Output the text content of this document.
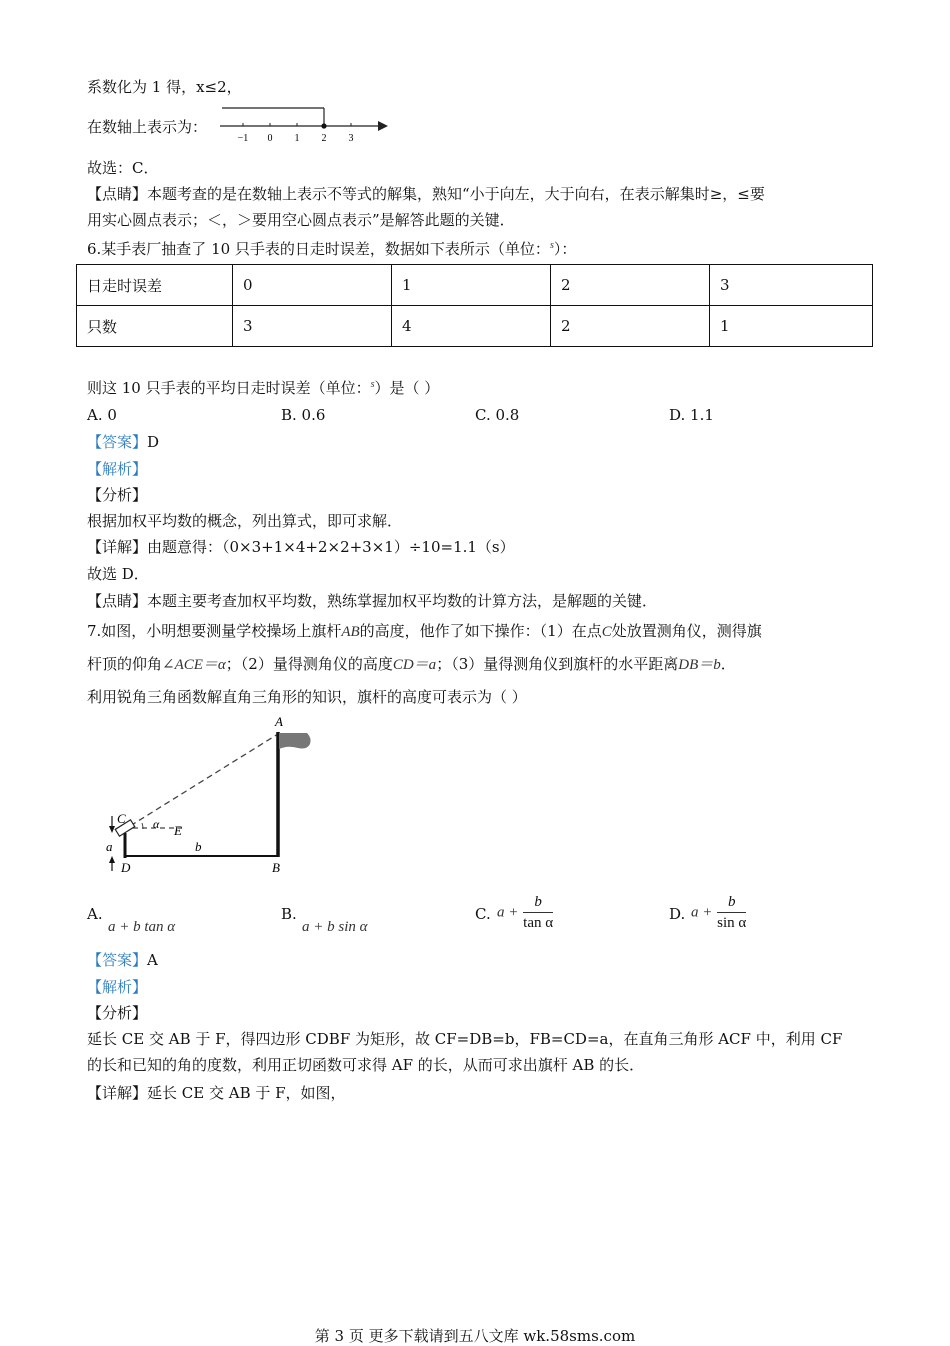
系数化为 1 得，x≤2，
在数轴上表示为：
−1 0 1 2 3
故选：C．
【点睛】本题考查的是在数轴上表示不等式的解集，熟知“小于向左，大于向右，在表示解集时≥，≤要
用实心圆点表示；＜，＞要用空心圆点表示”是解答此题的关键．
6.某手表厂抽查了 10 只手表的日走时误差，数据如下表所示（单位：$^s$）：
日走时误差	0	1	2	3
只数	3	4	2	1
则这 10 只手表的平均日走时误差（单位：$^s$）是（ ）
A. 0	B. 0.6	C. 0.8	D. 1.1
【答案】D
【解析】
【分析】
根据加权平均数的概念，列出算式，即可求解．
【详解】由题意得：（0×3+1×4+2×2+3×1）÷10=1.1（s）
故选 D．
【点睛】本题主要考查加权平均数，熟练掌握加权平均数的计算方法，是解题的关键．
7.如图，小明想要测量学校操场上旗杆AB的高度，他作了如下操作：（1）在点C处放置测角仪，测得旗
杆顶的仰角∠ACE＝α；（2）量得测角仪的高度CD＝a；（3）量得测角仪到旗杆的水平距离DB＝b．
利用锐角三角函数解直角三角形的知识，旗杆的高度可表示为（ ）
A
C α E
a	b
D	B
A.
a + b tan α
B.
a + b sin α
C. $a + \frac{b}{\text{tan α}}$	D. $a + \frac{b}{\text{sin α}}$
【答案】A
【解析】
【分析】
延长 CE 交 AB 于 F，得四边形 CDBF 为矩形，故 CF=DB=b，FB=CD=a，在直角三角形 ACF 中，利用 CF
的长和已知的角的度数，利用正切函数可求得 AF 的长，从而可求出旗杆 AB 的长．
【详解】延长 CE 交 AB 于 F，如图，
第 3 页 更多下载请到五八文库 wk.58sms.com
